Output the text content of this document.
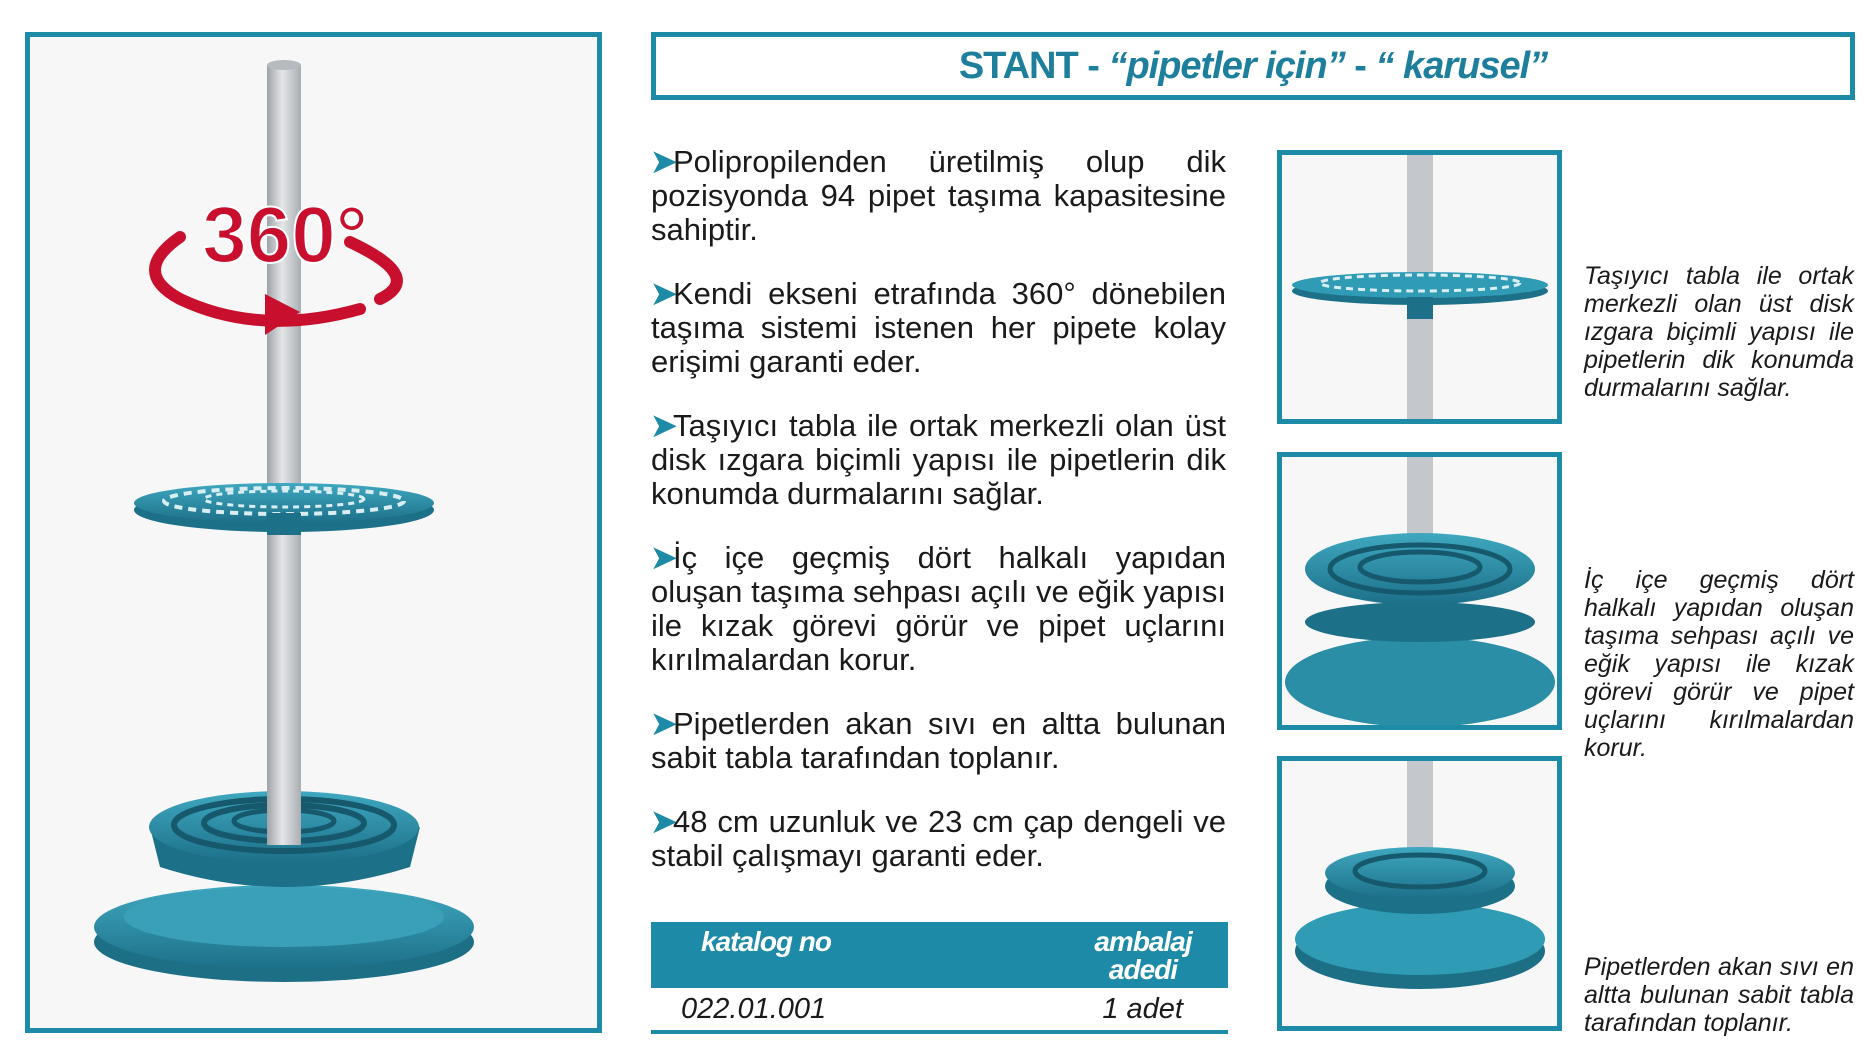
360°
STANT - “pipetler için” - “ karusel”
➤Polipropilenden üretilmiş olup dik pozisyonda 94 pipet taşıma kapasitesine sahiptir.
➤Kendi ekseni etrafında 360° dönebilen taşıma sistemi istenen her pipete kolay erişimi garanti eder.
➤Taşıyıcı tabla ile ortak merkezli olan üst disk ızgara biçimli yapısı ile pipetlerin dik konumda durmalarını sağlar.
➤İç içe geçmiş dört halkalı yapıdan oluşan taşıma sehpası açılı ve eğik yapısı ile kızak görevi görür ve pipet uçlarını kırılmalardan korur.
➤Pipetlerden akan sıvı en altta bulunan sabit tabla tarafından toplanır.
➤48 cm uzunluk ve 23 cm çap dengeli ve stabil çalışmayı garanti eder.
katalog no	ambalaj adedi
022.01.001	1 adet
Taşıyıcı tabla ile ortak merkezli olan üst disk ızgara biçimli yapısı ile pipetlerin dik konumda durmalarını sağlar.
İç içe geçmiş dört halkalı yapıdan oluşan taşıma sehpası açılı ve eğik yapısı ile kızak görevi görür ve pipet uçlarını kırılmalardan korur.
Pipetlerden akan sıvı en altta bulunan sabit tabla tarafından toplanır.
